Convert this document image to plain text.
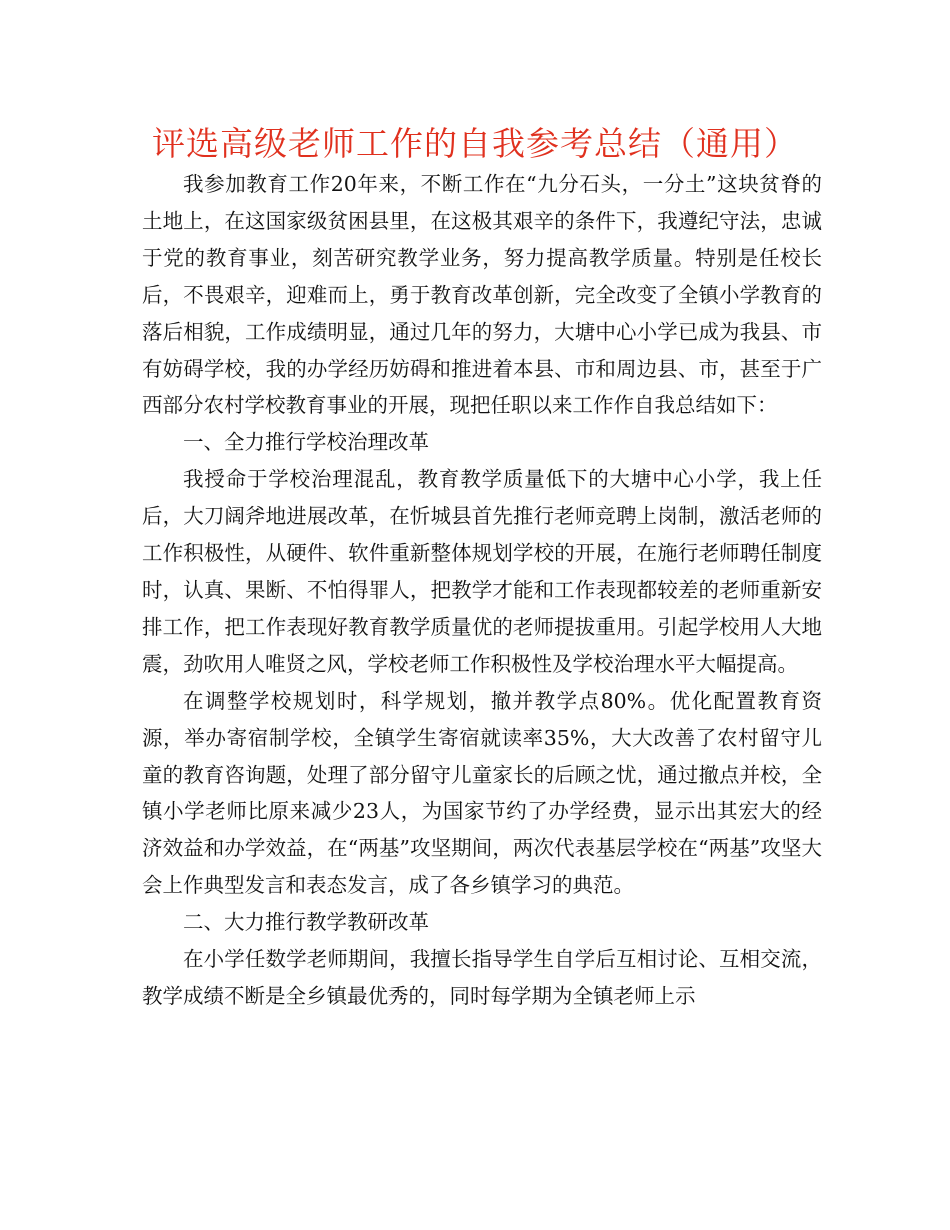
评选高级老师工作的自我参考总结（通用）

我参加教育工作20年来，不断工作在“九分石头，一分土”这块贫脊的土地上，在这国家级贫困县里，在这极其艰辛的条件下，我遵纪守法，忠诚于党的教育事业，刻苦研究教学业务，努力提高教学质量。特别是任校长后，不畏艰辛，迎难而上，勇于教育改革创新，完全改变了全镇小学教育的落后相貌，工作成绩明显，通过几年的努力，大塘中心小学已成为我县、市有妨碍学校，我的办学经历妨碍和推进着本县、市和周边县、市，甚至于广西部分农村学校教育事业的开展，现把任职以来工作作自我总结如下：

一、全力推行学校治理改革

我授命于学校治理混乱，教育教学质量低下的大塘中心小学，我上任后，大刀阔斧地进展改革，在忻城县首先推行老师竞聘上岗制，激活老师的工作积极性，从硬件、软件重新整体规划学校的开展，在施行老师聘任制度时，认真、果断、不怕得罪人，把教学才能和工作表现都较差的老师重新安排工作，把工作表现好教育教学质量优的老师提拔重用。引起学校用人大地震，劲吹用人唯贤之风，学校老师工作积极性及学校治理水平大幅提高。

在调整学校规划时，科学规划，撤并教学点80%。优化配置教育资源，举办寄宿制学校，全镇学生寄宿就读率35%，大大改善了农村留守儿童的教育咨询题，处理了部分留守儿童家长的后顾之忧，通过撤点并校，全镇小学老师比原来减少23人，为国家节约了办学经费，显示出其宏大的经济效益和办学效益，在“两基”攻坚期间，两次代表基层学校在“两基”攻坚大会上作典型发言和表态发言，成了各乡镇学习的典范。

二、大力推行教学教研改革

在小学任数学老师期间，我擅长指导学生自学后互相讨论、互相交流，教学成绩不断是全乡镇最优秀的，同时每学期为全镇老师上示
